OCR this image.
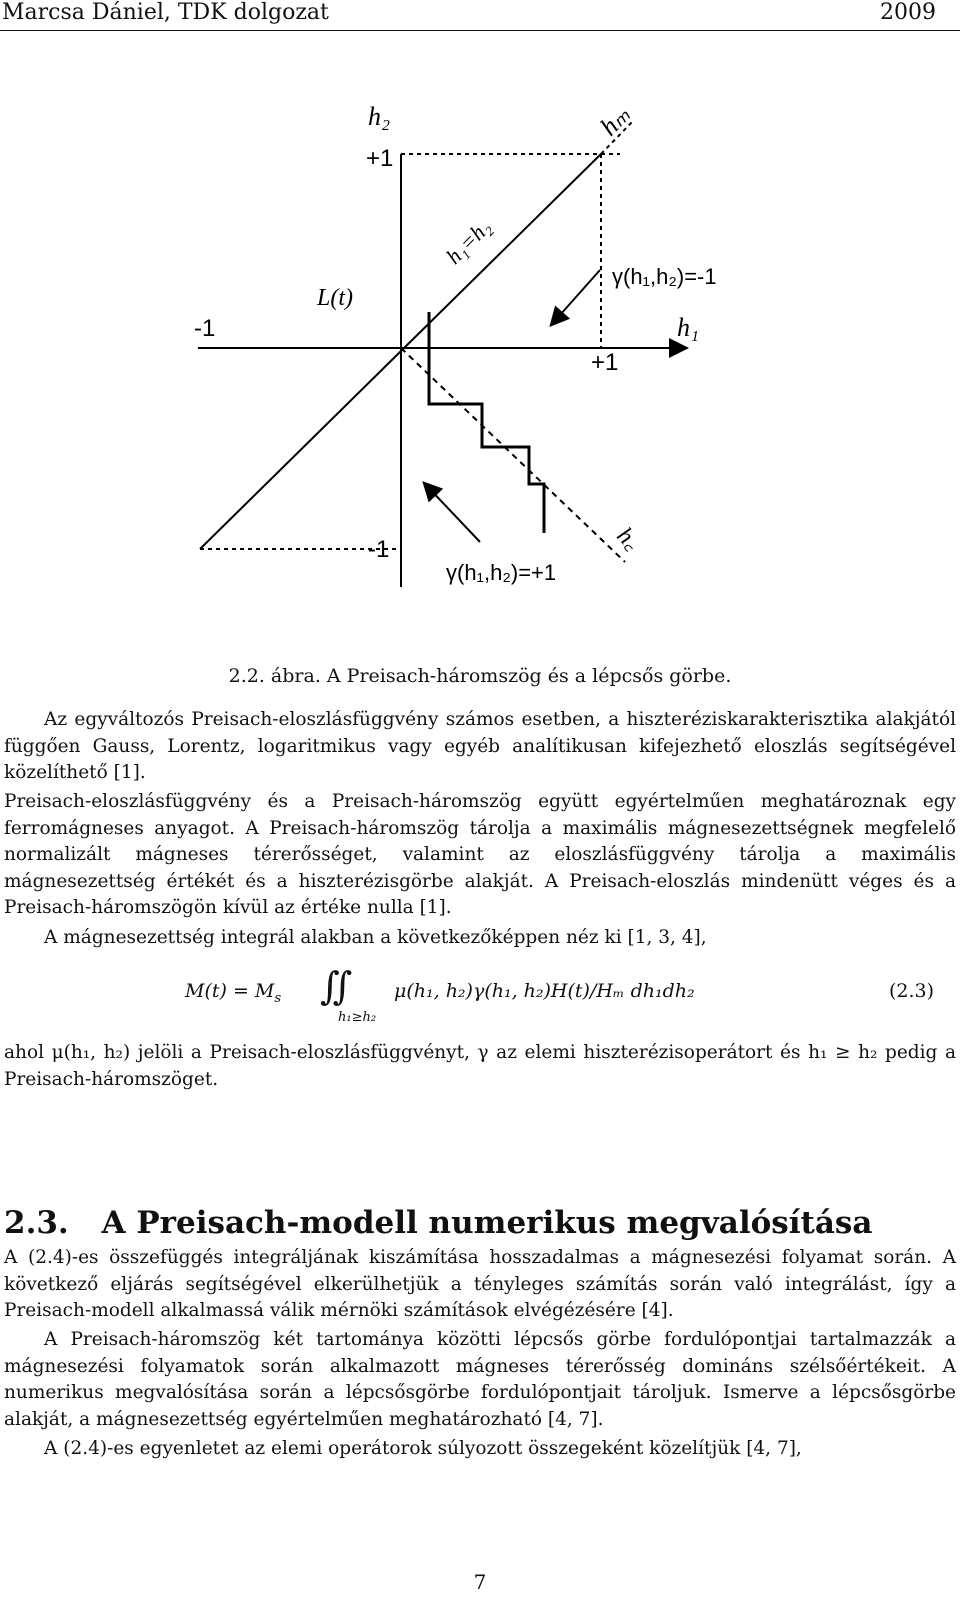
Marcsa Dániel, TDK dolgozat	2009
h₂
+1
hₘ
h₁=h₂
L(t)
γ(h₁,h₂)=-1
-1	h₁
+1
-1
γ(h₁,h₂)=+1
h꜀
2.2. ábra. A Preisach-háromszög és a lépcsős görbe.

Az egyváltozós Preisach-eloszlásfüggvény számos esetben, a hiszteréziskarakterisztika alakjától függően Gauss, Lorentz, logaritmikus vagy egyéb analítikusan kifejezhető eloszlás segítségével közelíthető [1].

Preisach-eloszlásfüggvény és a Preisach-háromszög együtt egyértelműen meghatároznak egy ferromágneses anyagot. A Preisach-háromszög tárolja a maximális mágnesezettségnek megfelelő normalizált mágneses térerősséget, valamint az eloszlásfüggvény tárolja a maximális mágnesezettség értékét és a hiszterézisgörbe alakját. A Preisach-eloszlás mindenütt véges és a Preisach-háromszögön kívül az értéke nulla [1].

A mágnesezettség integrál alakban a következőképpen néz ki [1, 3, 4],

$M(t) = M_s$ ∬
h₁≥h₂
μ(h₁, h₂)γ(h₁, h₂)H(t)/Hₘ dh₁dh₂	(2.3)

ahol μ(h₁, h₂) jelöli a Preisach-eloszlásfüggvényt, γ az elemi hiszterézisoperátort és h₁ ≥ h₂ pedig a Preisach-háromszöget.

2.3. A Preisach-modell numerikus megvalósítása

A (2.4)-es összefüggés integráljának kiszámítása hosszadalmas a mágnesezési folyamat során. A következő eljárás segítségével elkerülhetjük a tényleges számítás során való integrálást, így a Preisach-modell alkalmassá válik mérnöki számítások elvégézésére [4].

A Preisach-háromszög két tartománya közötti lépcsős görbe fordulópontjai tartalmazzák a mágnesezési folyamatok során alkalmazott mágneses térerősség domináns szélsőértékeit. A numerikus megvalósítása során a lépcsősgörbe fordulópontjait tároljuk. Ismerve a lépcsősgörbe alakját, a mágnesezettség egyértelműen meghatározható [4, 7].

A (2.4)-es egyenletet az elemi operátorok súlyozott összegeként közelítjük [4, 7],

7
